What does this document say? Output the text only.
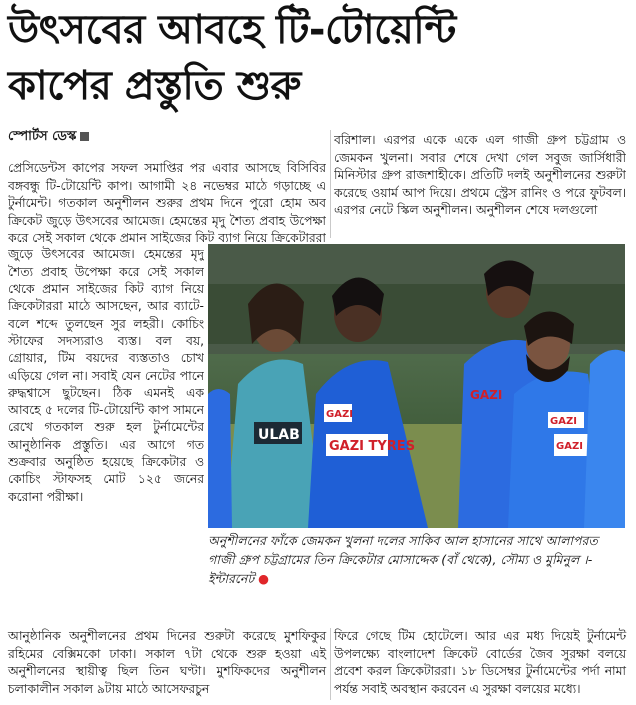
উৎসবের আবহে টি-টোয়েন্টি
কাপের প্রস্তুতি শুরু
স্পোর্টস ডেস্ক

প্রেসিডেন্টস কাপের সফল সমাপ্তির পর এবার আসছে বিসিবির বঙ্গবন্ধু টি-টোয়েন্টি কাপ। আগামী ২৪ নভেম্বর মাঠে গড়াচ্ছে এ টুর্নামেন্ট। গতকাল অনুশীলন শুরুর প্রথম দিনে পুরো হোম অব ক্রিকেট জুড়ে উৎসবের আমেজ। হেমন্তের মৃদু শৈত্য প্রবাহ উপেক্ষা করে সেই সকাল থেকে প্রমান সাইজের কিট ব্যাগ নিয়ে ক্রিকেটাররা

জুড়ে উৎসবের আমেজ। হেমন্তের মৃদু শৈত্য প্রবাহ উপেক্ষা করে সেই সকাল থেকে প্রমান সাইজের কিট ব্যাগ নিয়ে ক্রিকেটাররা মাঠে আসছেন, আর ব্যাটে-বলে শব্দে তুলছেন সুর লহরী। কোচিং স্টাফের সদস্যরাও ব্যস্ত। বল বয়, গ্রোয়ার, টিম বয়দের ব্যস্ততাও চোখ এড়িয়ে গেল না। সবাই যেন নেটের পানে রুদ্ধশ্বাসে ছুটছেন। ঠিক এমনই এক আবহে ৫ দলের টি-টোয়েন্টি কাপ সামনে রেখে গতকাল শুরু হল টুর্নামেন্টের আনুষ্ঠানিক প্রস্তুতি। এর আগে গত শুক্রবার অনুষ্ঠিত হয়েছে ক্রিকেটার ও কোচিং স্টাফসহ মোট ১২৫ জনের করোনা পরীক্ষা।

বরিশাল। এরপর একে একে এল গাজী গ্রুপ চট্টগ্রাম ও জেমকন খুলনা। সবার শেষে দেখা গেল সবুজ জার্সিধারী মিনিস্টার গ্রুপ রাজশাহীকে। প্রতিটি দলই অনুশীলনের শুরুটা করেছে ওয়ার্ম আপ দিয়ে। প্রথমে স্ট্রেস রানিং ও পরে ফুটবল। এরপর নেটে স্কিল অনুশীলন। অনুশীলন শেষে দলগুলো

ULAB
GAZI
GAZI TYRES
GAZI
GAZI
GAZI
অনুশীলনের ফাঁকে জেমকন খুলনা দলের সাকিব আল হাসানের সাথে আলাপরত গাজী গ্রুপ চট্টগ্রামের তিন ক্রিকেটার মোসাদ্দেক (বাঁ থেকে), সৌম্য ও মুমিনুল ।-ইন্টারনেট ●

আনুষ্ঠানিক অনুশীলনের প্রথম দিনের শুরুটা করেছে মুশফিকুর রহিমের বেক্সিমকো ঢাকা। সকাল ৭টা থেকে শুরু হওয়া এই অনুশীলনের স্থায়ীত্ব ছিল তিন ঘণ্টা। মুশফিকদের অনুশীলন চলাকালীন সকাল ৯টায় মাঠে আসেফরচুন

ফিরে গেছে টিম হোটেলে। আর এর মধ্য দিয়েই টুর্নামেন্ট উপলক্ষ্যে বাংলাদেশ ক্রিকেট বোর্ডের জৈব সুরক্ষা বলয়ে প্রবেশ করল ক্রিকেটাররা। ১৮ ডিসেম্বর টুর্নামেন্টের পর্দা নামা পর্যন্ত সবাই অবস্থান করবেন এ সুরক্ষা বলয়ের মধ্যে।
